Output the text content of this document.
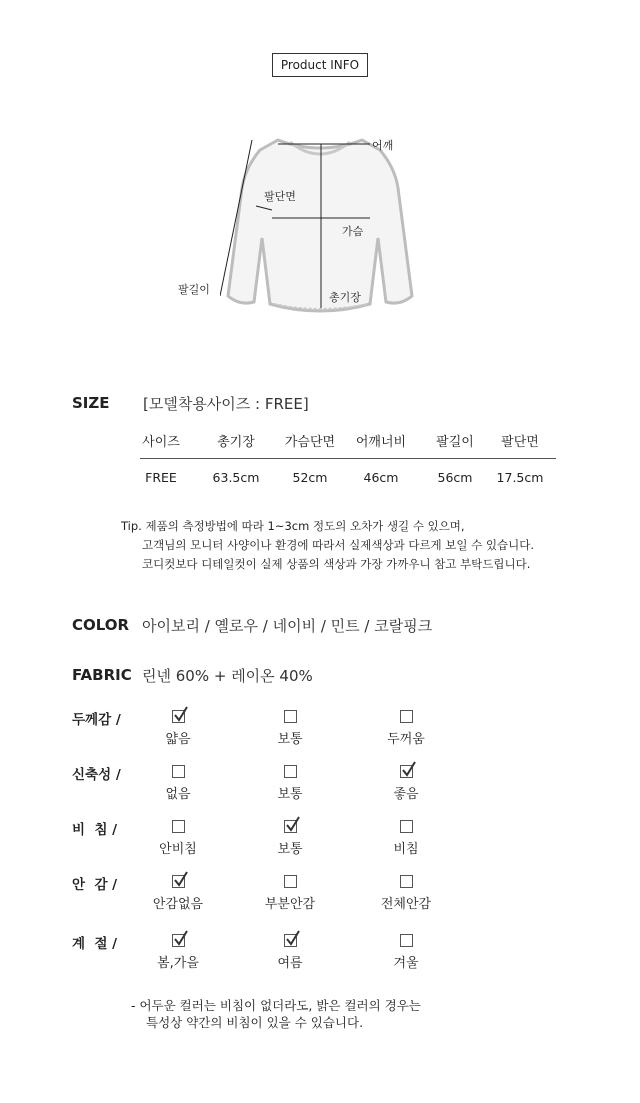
Product INFO
어깨
팔단면
가슴
총기장
팔길이
SIZE [모델착용사이즈 : FREE]
사이즈	총기장	가슴단면	어깨너비	팔길이	팔단면
FREE	63.5cm	52cm	46cm	56cm	17.5cm
Tip. 제품의 측정방법에 따라 1~3cm 정도의 오차가 생길 수 있으며,
고객님의 모니터 사양이나 환경에 따라서 실제색상과 다르게 보일 수 있습니다.
코디컷보다 디테일컷이 실제 상품의 색상과 가장 가까우니 참고 부탁드립니다.
COLOR 아이보리 / 옐로우 / 네이비 / 민트 / 코랄핑크
FABRIC 린넨 60% + 레이온 40%
두께감 /
얇음	보통	두꺼움
신축성 /
없음	보통	좋음
비  침 /
안비침	보통	비침
안  감 /
안감없음	부분안감	전체안감
계  절 /
봄,가을	여름	겨울
- 어두운 컬러는 비침이 없더라도, 밝은 컬러의 경우는
특성상 약간의 비침이 있을 수 있습니다.
